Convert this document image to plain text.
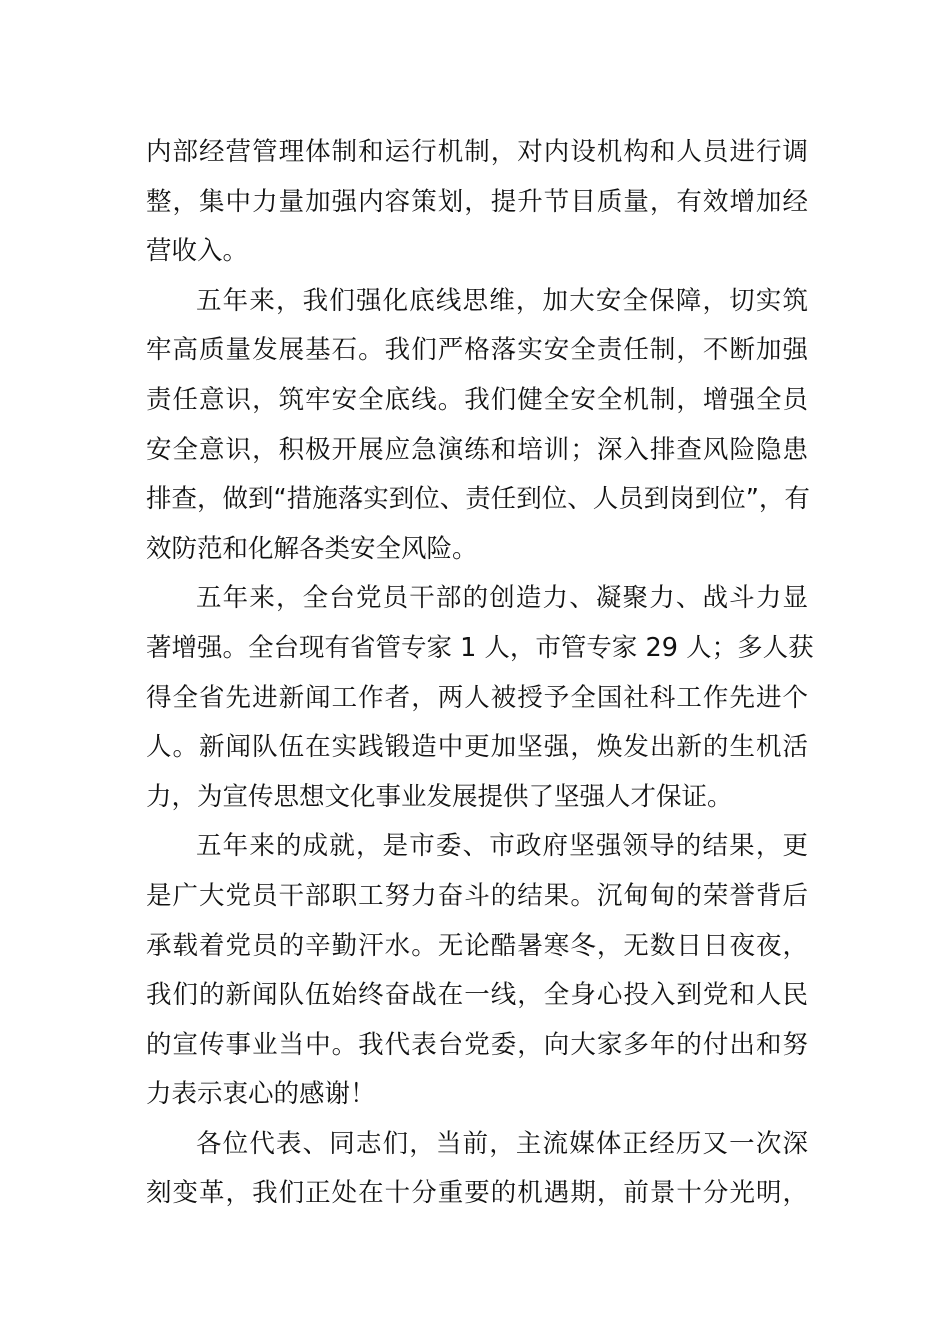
内部经营管理体制和运行机制，对内设机构和人员进行调
整，集中力量加强内容策划，提升节目质量，有效增加经
营收入。
五年来，我们强化底线思维，加大安全保障，切实筑
牢高质量发展基石。我们严格落实安全责任制，不断加强
责任意识，筑牢安全底线。我们健全安全机制，增强全员
安全意识，积极开展应急演练和培训；深入排查风险隐患
排查，做到“措施落实到位、责任到位、人员到岗到位”，有
效防范和化解各类安全风险。
五年来，全台党员干部的创造力、凝聚力、战斗力显
著增强。全台现有省管专家 1 人，市管专家 29 人；多人获
得全省先进新闻工作者，两人被授予全国社科工作先进个
人。新闻队伍在实践锻造中更加坚强，焕发出新的生机活
力，为宣传思想文化事业发展提供了坚强人才保证。
五年来的成就，是市委、市政府坚强领导的结果，更
是广大党员干部职工努力奋斗的结果。沉甸甸的荣誉背后
承载着党员的辛勤汗水。无论酷暑寒冬，无数日日夜夜，
我们的新闻队伍始终奋战在一线，全身心投入到党和人民
的宣传事业当中。我代表台党委，向大家多年的付出和努
力表示衷心的感谢！
各位代表、同志们，当前，主流媒体正经历又一次深
刻变革，我们正处在十分重要的机遇期，前景十分光明，
